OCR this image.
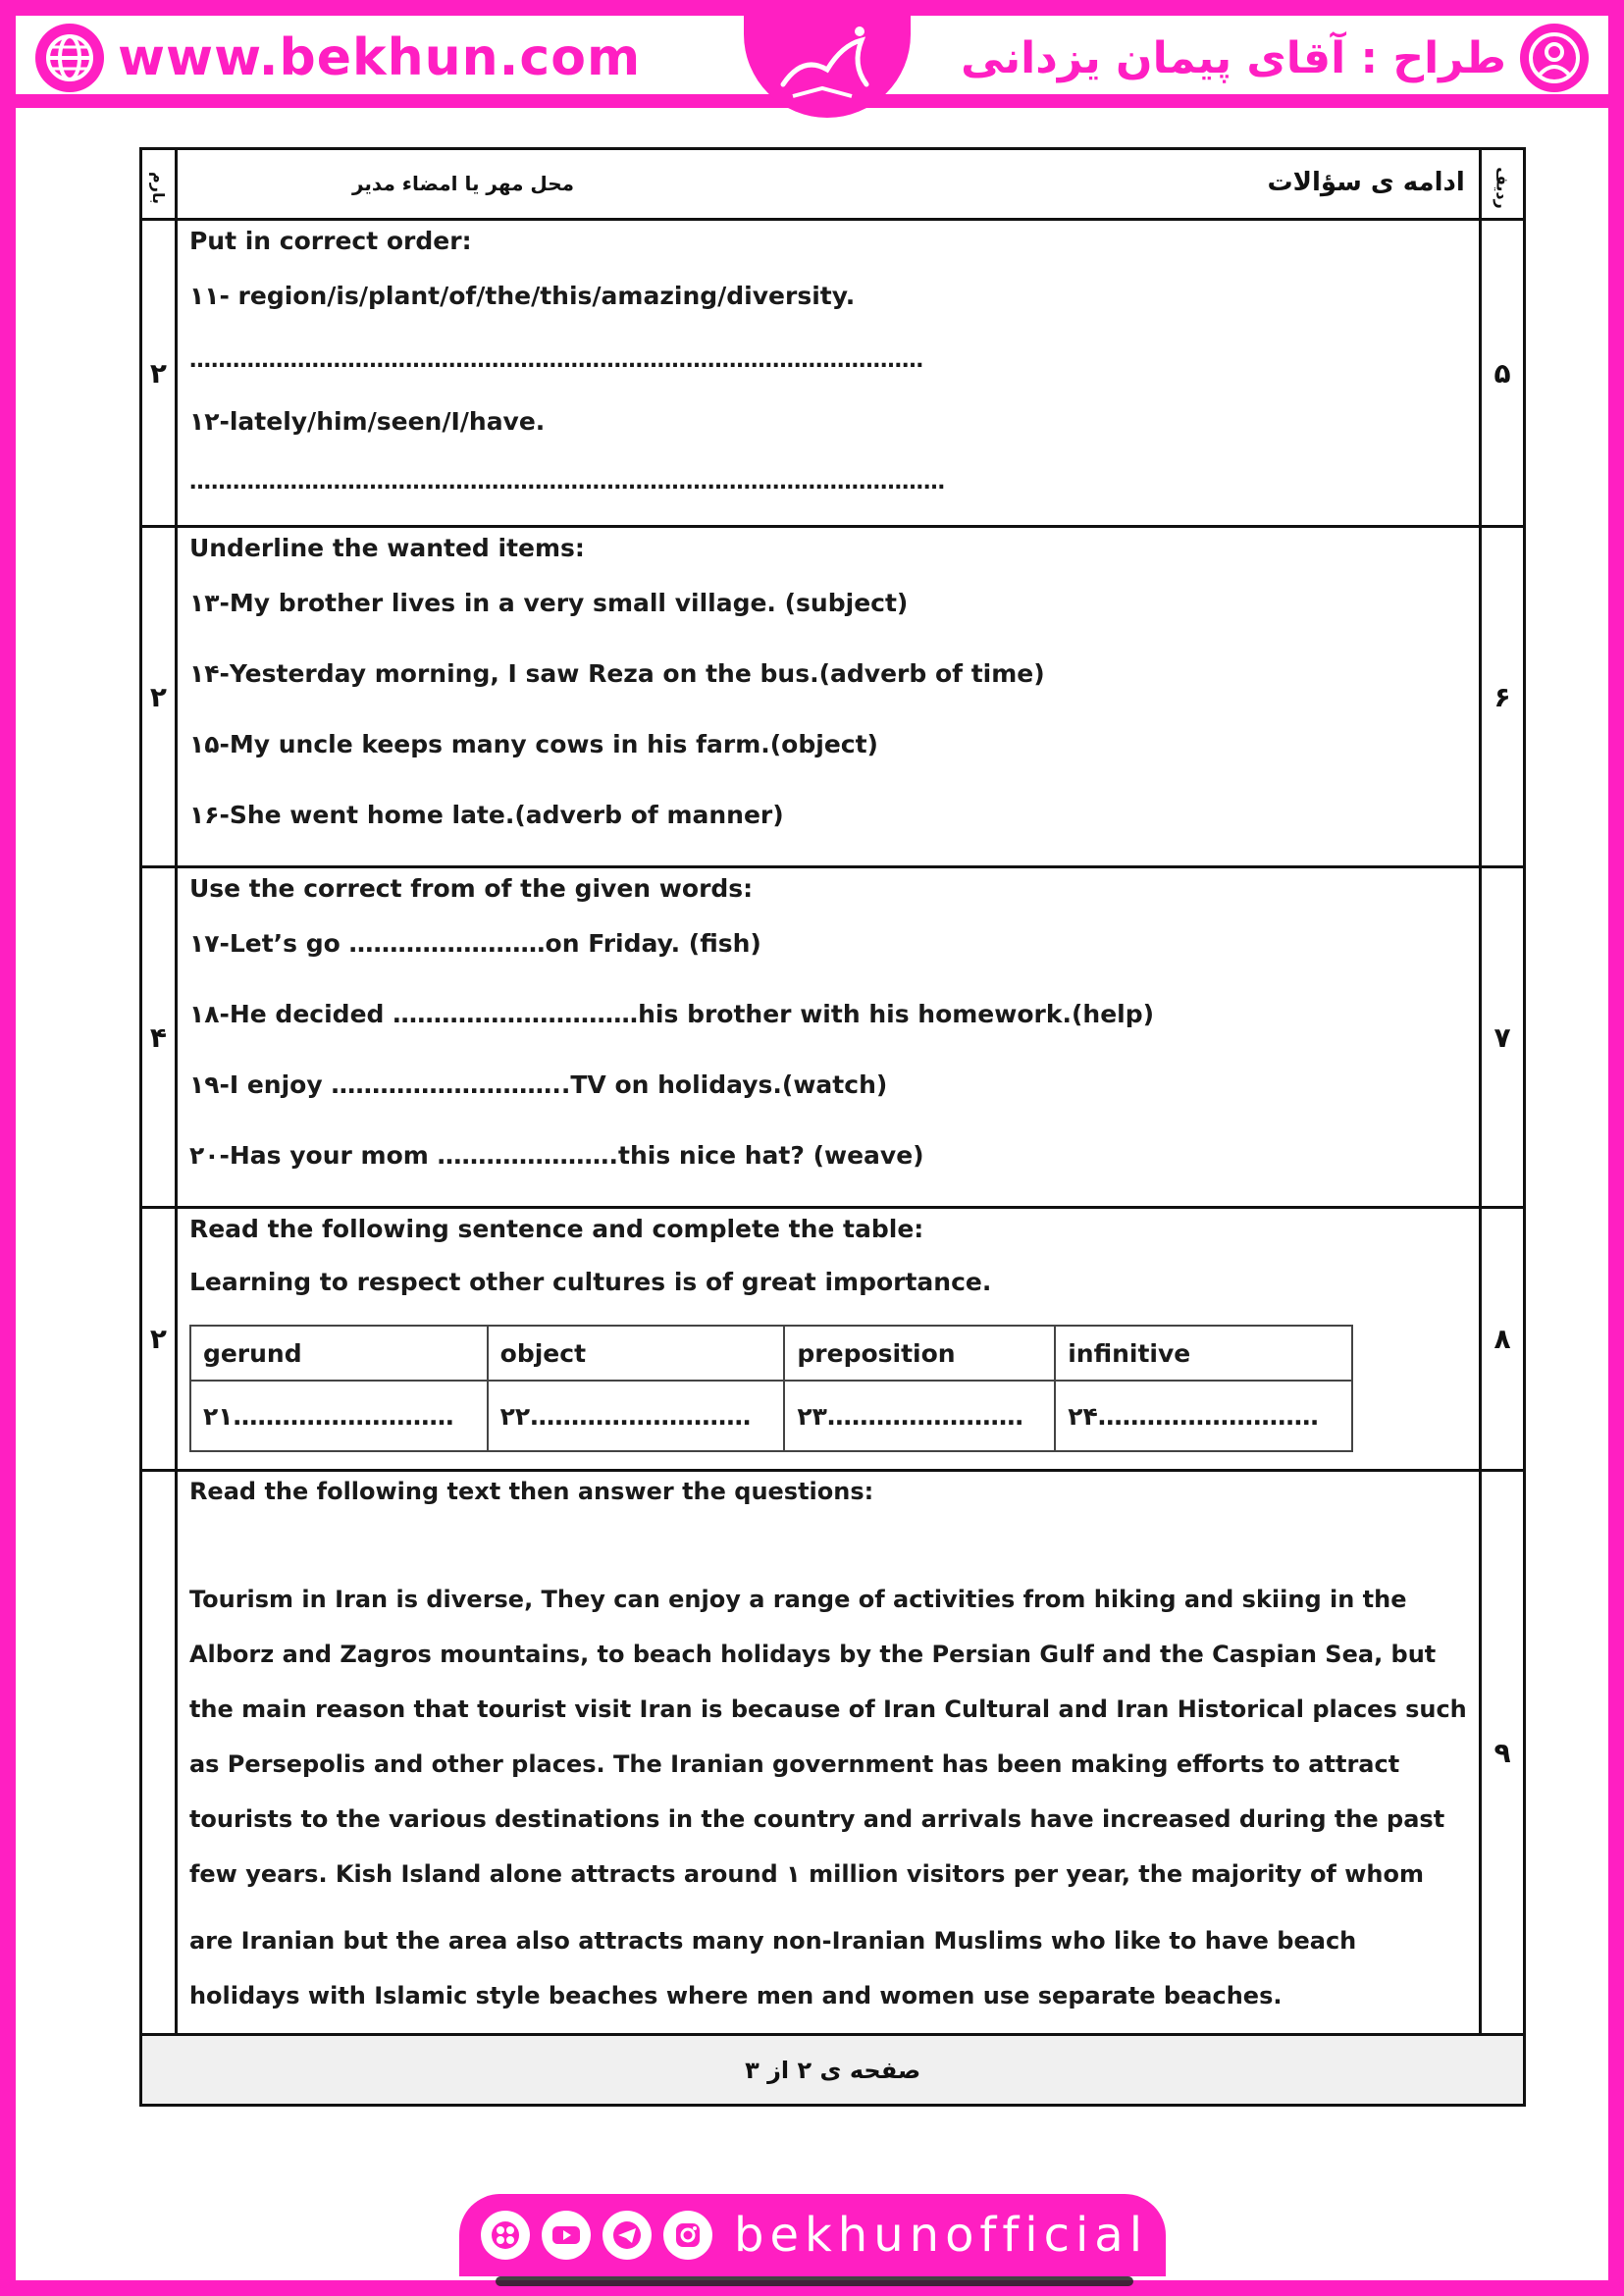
www.bekhun.com	طراح : آقای پیمان یزدانی
بارم	محل مهر یا امضاء مدیر	ادامه ی سؤالات	ردیف
۲	
Put in correct order:
۱۱- region/is/plant/of/the/this/amazing/diversity.
…………………………………………………………………………………………
۱۲-lately/him/seen/I/have.
……………………………………………………………………………………………
	۵
۲	
Underline the wanted items:
۱۳-My brother lives in a very small village. (subject)
۱۴-Yesterday morning, I saw Reza on the bus.(adverb of time)
۱۵-My uncle keeps many cows in his farm.(object)
۱۶-She went home late.(adverb of manner)
	۶
۴	
Use the correct from of the given words:
۱۷-Let’s go ……………………on Friday. (fish)
۱۸-He decided …………………………his brother with his homework.(help)
۱۹-I enjoy ………………………..TV on holidays.(watch)
۲۰-Has your mom ………………….this nice hat? (weave)
	۷
۲	
Read the following sentence and complete the table:
Learning to respect other cultures is of great importance.
gerund	object	preposition	infinitive
۲۱………………………	۲۲………………………	۲۳……………………	۲۴………………………
	۸

Read the following text then answer the questions:
Tourism in Iran is diverse, They can enjoy a range of activities from hiking and skiing in the
Alborz and Zagros mountains, to beach holidays by the Persian Gulf and the Caspian Sea, but
the main reason that tourist visit Iran is because of Iran Cultural and Iran Historical places such
as Persepolis and other places. The Iranian government has been making efforts to attract
tourists to the various destinations in the country and arrivals have increased during the past
few years. Kish Island alone attracts around ۱ million visitors per year, the majority of whom
are Iranian but the area also attracts many non-Iranian Muslims who like to have beach
holidays with Islamic style beaches where men and women use separate beaches.
	۹
صفحه ی ۲ از ۳
bekhunofficial
